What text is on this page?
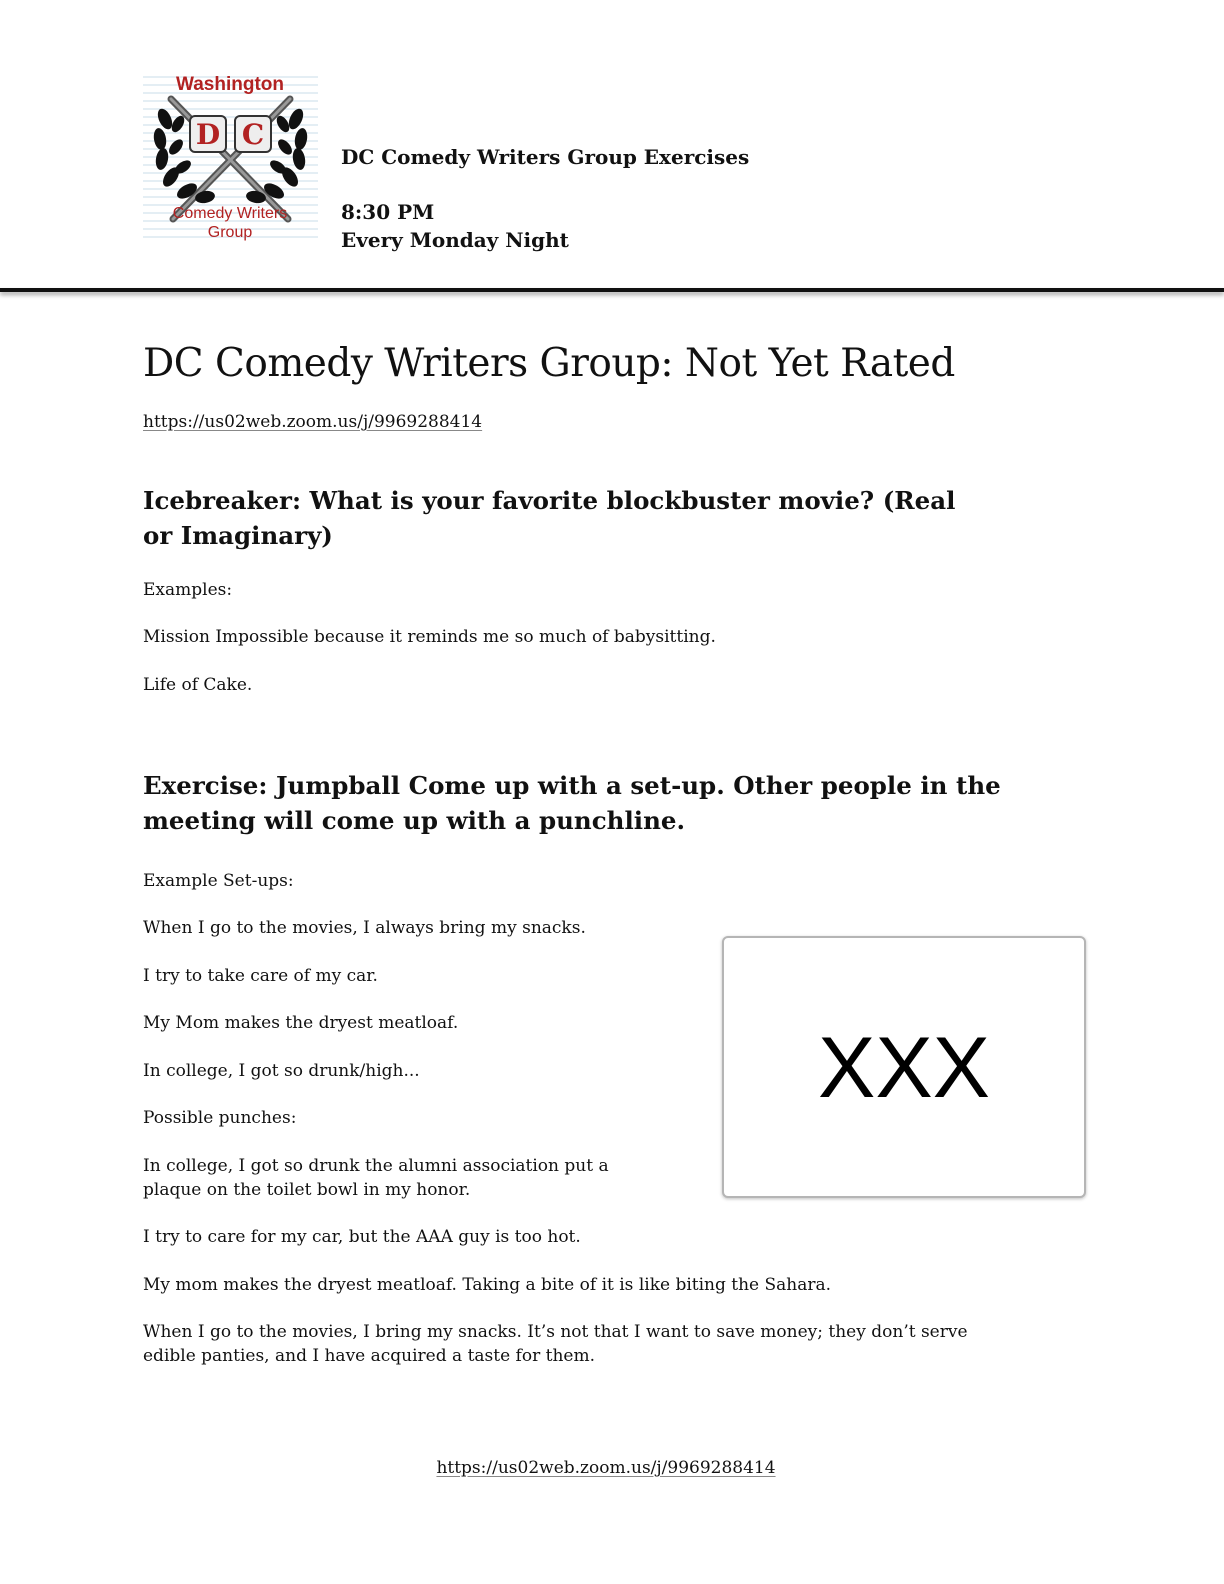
D C
Washington
Comedy Writers
Group
DC Comedy Writers Group Exercises
8:30 PM
Every Monday Night
DC Comedy Writers Group: Not Yet Rated
https://us02web.zoom.us/j/9969288414
Icebreaker: What is your favorite blockbuster movie? (Real
or Imaginary)

Examples:

Mission Impossible because it reminds me so much of babysitting.

Life of Cake.

Exercise: Jumpball Come up with a set-up. Other people in the
meeting will come up with a punchline.

Example Set-ups:

When I go to the movies, I always bring my snacks.

I try to take care of my car.

My Mom makes the dryest meatloaf.

In college, I got so drunk/high...

Possible punches:

In college, I got so drunk the alumni association put a

plaque on the toilet bowl in my honor.

I try to care for my car, but the AAA guy is too hot.

My mom makes the dryest meatloaf. Taking a bite of it is like biting the Sahara.

When I go to the movies, I bring my snacks. It’s not that I want to save money; they don’t serve

edible panties, and I have acquired a taste for them.

XXX
https://us02web.zoom.us/j/9969288414
